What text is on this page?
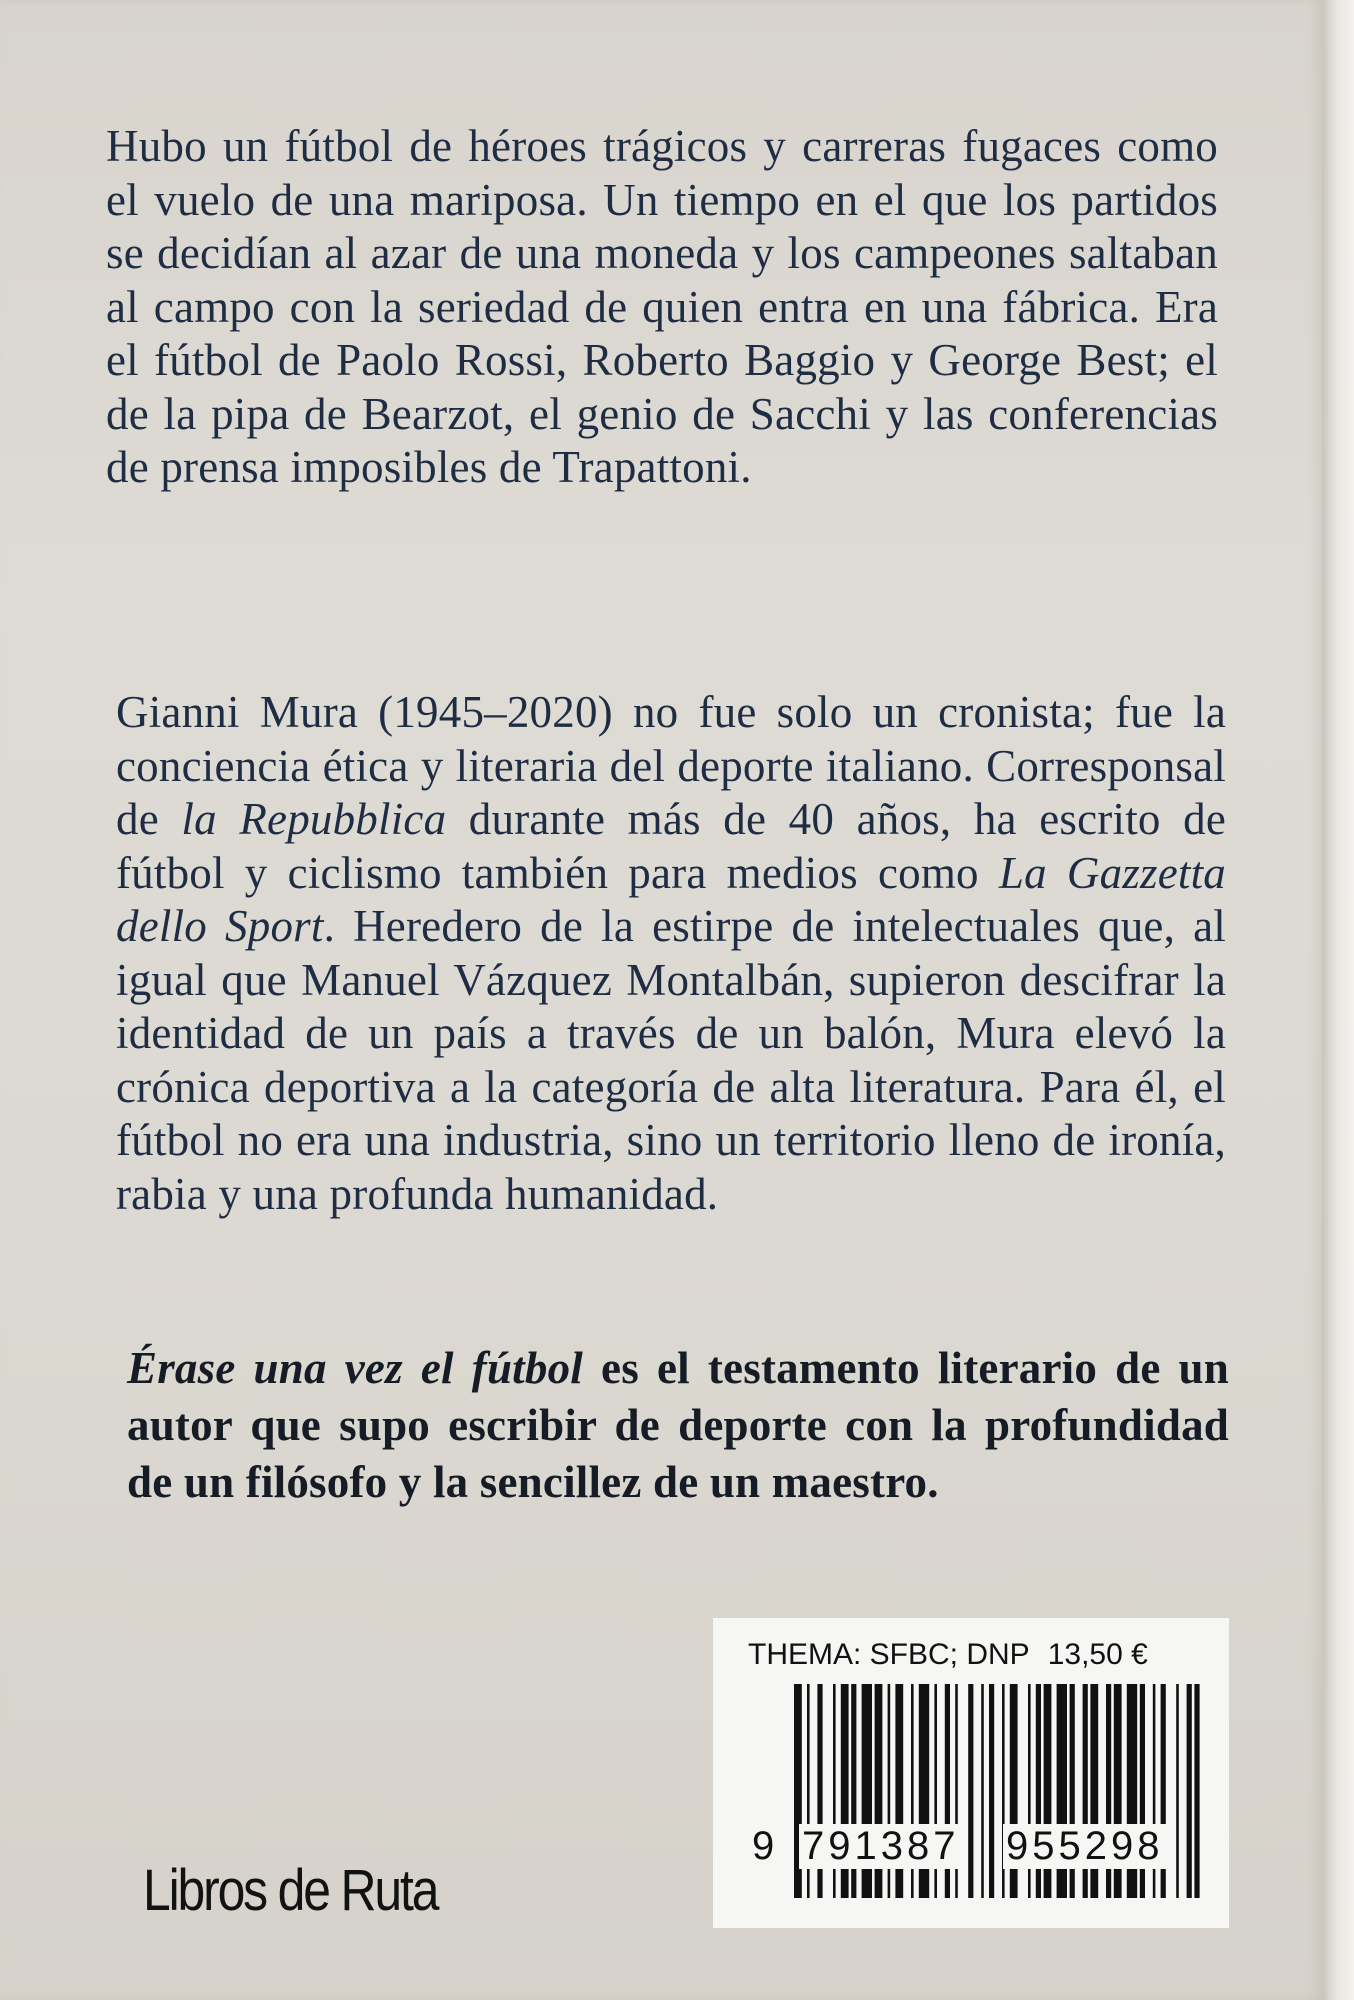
Hubo un fútbol de héroes trágicos y carreras fugaces como el vuelo de una mariposa. Un tiempo en el que los partidos se decidían al azar de una moneda y los campeones saltaban al campo con la seriedad de quien entra en una fábrica. Era el fútbol de Paolo Rossi, Roberto Baggio y George Best; el de la pipa de Bearzot, el genio de Sacchi y las conferencias de prensa imposibles de Trapattoni.

Gianni Mura (1945–2020) no fue solo un cronista; fue la conciencia ética y literaria del deporte italiano. Corresponsal de la Repubblica durante más de 40 años, ha escrito de fútbol y ciclismo también para medios como La Gazzetta dello Sport. Heredero de la estirpe de intelectuales que, al igual que Manuel Vázquez Montalbán, supieron descifrar la identidad de un país a través de un balón, Mura elevó la crónica deportiva a la categoría de alta literatura. Para él, el fútbol no era una industria, sino un territorio lleno de ironía, rabia y una profunda humanidad.

Érase una vez el fútbol es el testamento literario de un autor que supo escribir de deporte con la profundidad de un filósofo y la sencillez de un maestro.

Libros de Ruta

THEMA: SFBC; DNP 13,50 €
9 791387 955298
